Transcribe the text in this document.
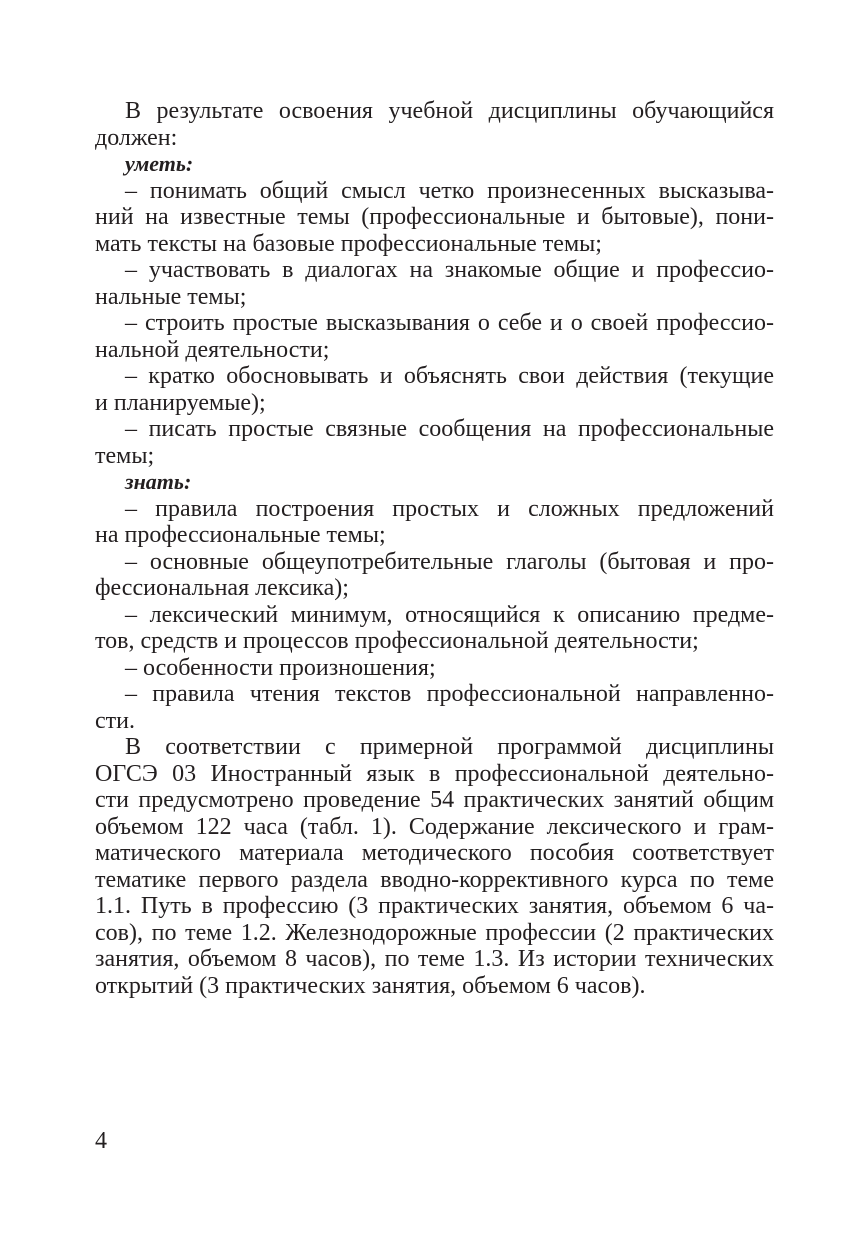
В результате освоения учебной дисциплины обучающийся
должен:
уметь:
– понимать общий смысл четко произнесенных высказыва-
ний на известные темы (профессиональные и бытовые), пони-
мать тексты на базовые профессиональные темы;
– участвовать в диалогах на знакомые общие и профессио-
нальные темы;
– строить простые высказывания о себе и о своей профессио-
нальной деятельности;
– кратко обосновывать и объяснять свои действия (текущие
и планируемые);
– писать простые связные сообщения на профессиональные
темы;
знать:
– правила построения простых и сложных предложений
на профессиональные темы;
– основные общеупотребительные глаголы (бытовая и про-
фессиональная лексика);
– лексический минимум, относящийся к описанию предме-
тов, средств и процессов профессиональной деятельности;
– особенности произношения;
– правила чтения текстов профессиональной направленно-
сти.
В соответствии с примерной программой дисциплины
ОГСЭ 03 Иностранный язык в профессиональной деятельно-
сти предусмотрено проведение 54 практических занятий общим
объемом 122 часа (табл. 1). Содержание лексического и грам-
матического материала методического пособия соответствует
тематике первого раздела вводно-коррективного курса по теме
1.1. Путь в профессию (3 практических занятия, объемом 6 ча-
сов), по теме 1.2. Железнодорожные профессии (2 практических
занятия, объемом 8 часов), по теме 1.3. Из истории технических
открытий (3 практических занятия, объемом 6 часов).
4
